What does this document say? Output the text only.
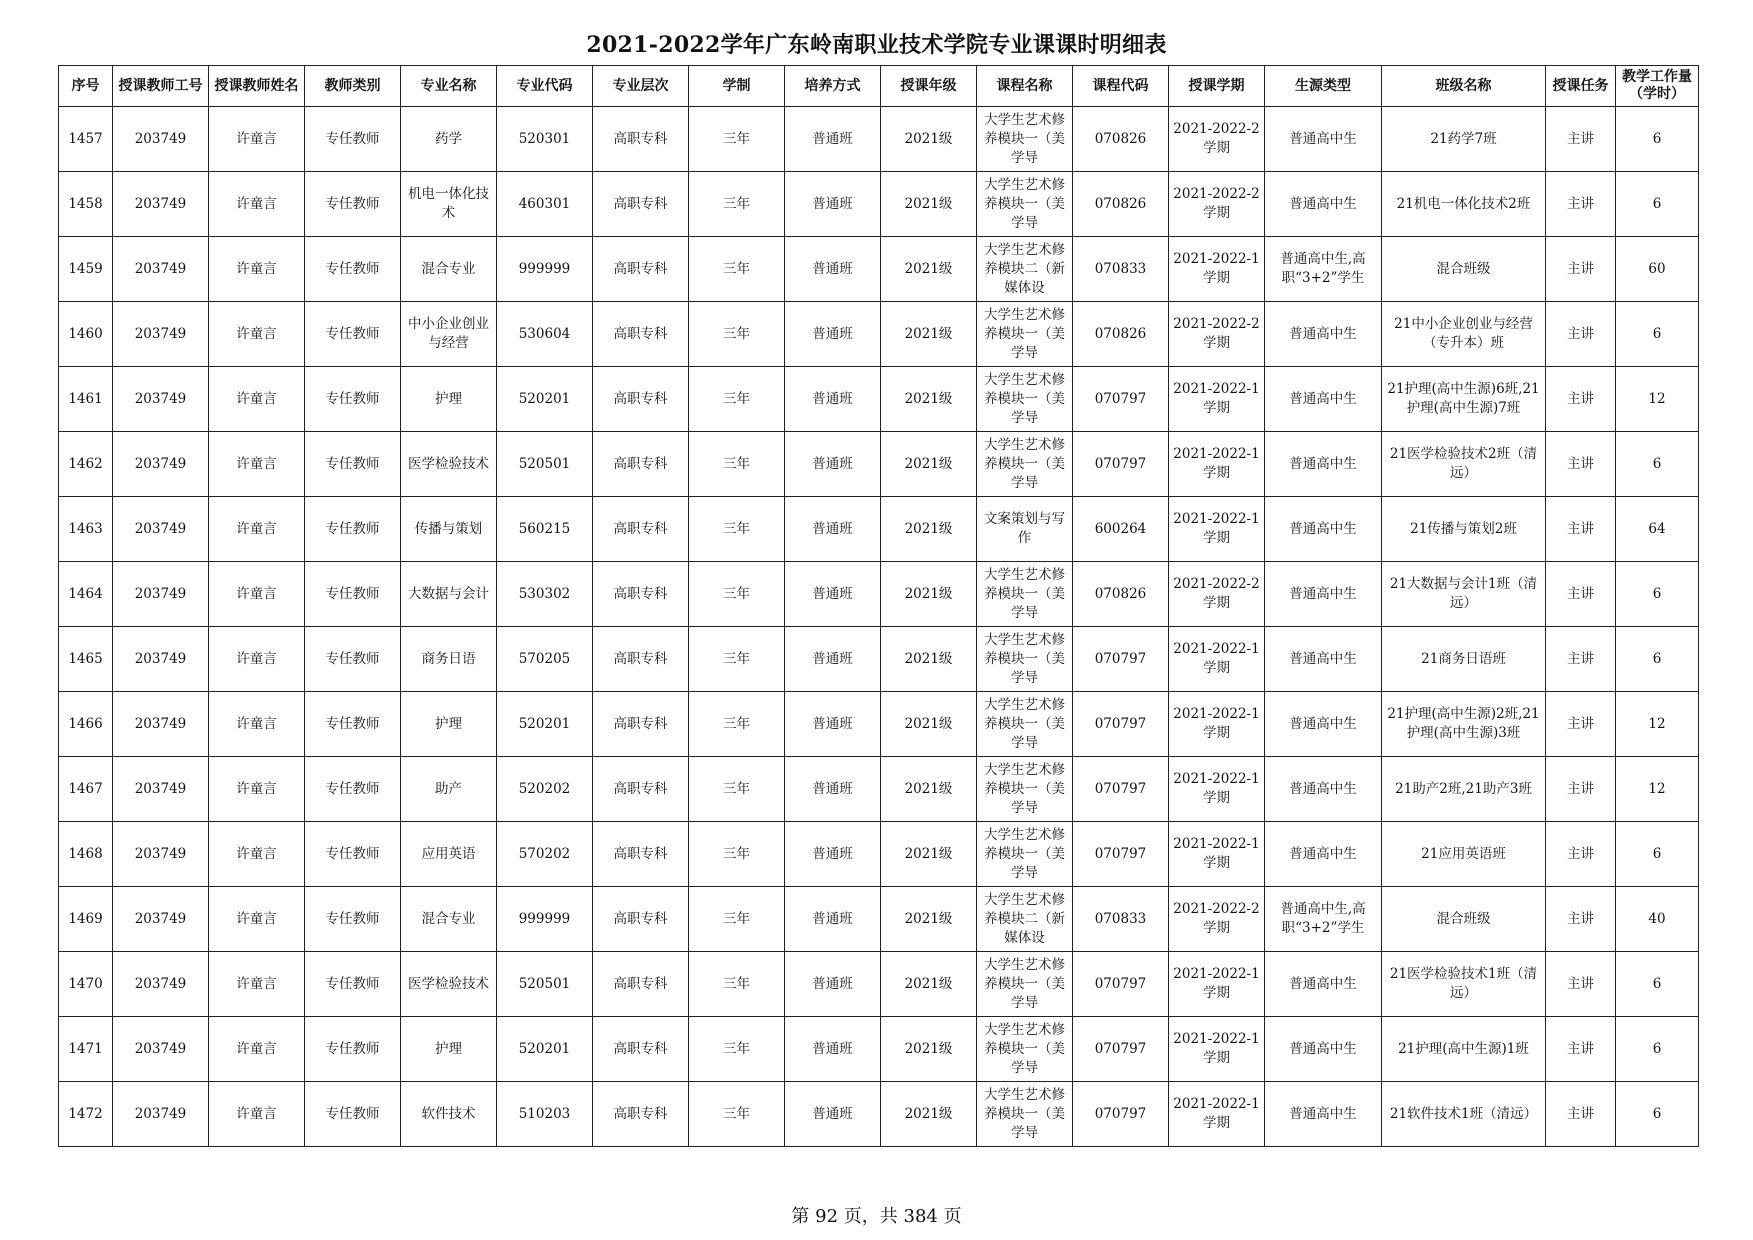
2021-2022学年广东岭南职业技术学院专业课课时明细表
序号	授课教师工号	授课教师姓名	教师类别	专业名称	专业代码	专业层次	学制	培养方式	授课年级	课程名称	课程代码	授课学期	生源类型	班级名称	授课任务	教学工作量（学时）

1457	203749	许童言	专任教师	药学	520301	高职专科	三年	普通班	2021级	大学生艺术修养模块一（美学导	070826	2021-2022-2学期	普通高中生	21药学7班	主讲	6

1458	203749	许童言	专任教师	机电一体化技术	460301	高职专科	三年	普通班	2021级	大学生艺术修养模块一（美学导	070826	2021-2022-2学期	普通高中生	21机电一体化技术2班	主讲	6

1459	203749	许童言	专任教师	混合专业	999999	高职专科	三年	普通班	2021级	大学生艺术修养模块二（新媒体设	070833	2021-2022-1学期	普通高中生,高职“3+2”学生	混合班级	主讲	60

1460	203749	许童言	专任教师	中小企业创业与经营	530604	高职专科	三年	普通班	2021级	大学生艺术修养模块一（美学导	070826	2021-2022-2学期	普通高中生	21中小企业创业与经营（专升本）班	主讲	6

1461	203749	许童言	专任教师	护理	520201	高职专科	三年	普通班	2021级	大学生艺术修养模块一（美学导	070797	2021-2022-1学期	普通高中生	21护理(高中生源)6班,21护理(高中生源)7班	主讲	12

1462	203749	许童言	专任教师	医学检验技术	520501	高职专科	三年	普通班	2021级	大学生艺术修养模块一（美学导	070797	2021-2022-1学期	普通高中生	21医学检验技术2班（清远）	主讲	6

1463	203749	许童言	专任教师	传播与策划	560215	高职专科	三年	普通班	2021级	文案策划与写作	600264	2021-2022-1学期	普通高中生	21传播与策划2班	主讲	64

1464	203749	许童言	专任教师	大数据与会计	530302	高职专科	三年	普通班	2021级	大学生艺术修养模块一（美学导	070826	2021-2022-2学期	普通高中生	21大数据与会计1班（清远）	主讲	6

1465	203749	许童言	专任教师	商务日语	570205	高职专科	三年	普通班	2021级	大学生艺术修养模块一（美学导	070797	2021-2022-1学期	普通高中生	21商务日语班	主讲	6

1466	203749	许童言	专任教师	护理	520201	高职专科	三年	普通班	2021级	大学生艺术修养模块一（美学导	070797	2021-2022-1学期	普通高中生	21护理(高中生源)2班,21护理(高中生源)3班	主讲	12

1467	203749	许童言	专任教师	助产	520202	高职专科	三年	普通班	2021级	大学生艺术修养模块一（美学导	070797	2021-2022-1学期	普通高中生	21助产2班,21助产3班	主讲	12

1468	203749	许童言	专任教师	应用英语	570202	高职专科	三年	普通班	2021级	大学生艺术修养模块一（美学导	070797	2021-2022-1学期	普通高中生	21应用英语班	主讲	6

1469	203749	许童言	专任教师	混合专业	999999	高职专科	三年	普通班	2021级	大学生艺术修养模块二（新媒体设	070833	2021-2022-2学期	普通高中生,高职“3+2”学生	混合班级	主讲	40

1470	203749	许童言	专任教师	医学检验技术	520501	高职专科	三年	普通班	2021级	大学生艺术修养模块一（美学导	070797	2021-2022-1学期	普通高中生	21医学检验技术1班（清远）	主讲	6

1471	203749	许童言	专任教师	护理	520201	高职专科	三年	普通班	2021级	大学生艺术修养模块一（美学导	070797	2021-2022-1学期	普通高中生	21护理(高中生源)1班	主讲	6

1472	203749	许童言	专任教师	软件技术	510203	高职专科	三年	普通班	2021级	大学生艺术修养模块一（美学导	070797	2021-2022-1学期	普通高中生	21软件技术1班（清远）	主讲	6
第 92 页，共 384 页
